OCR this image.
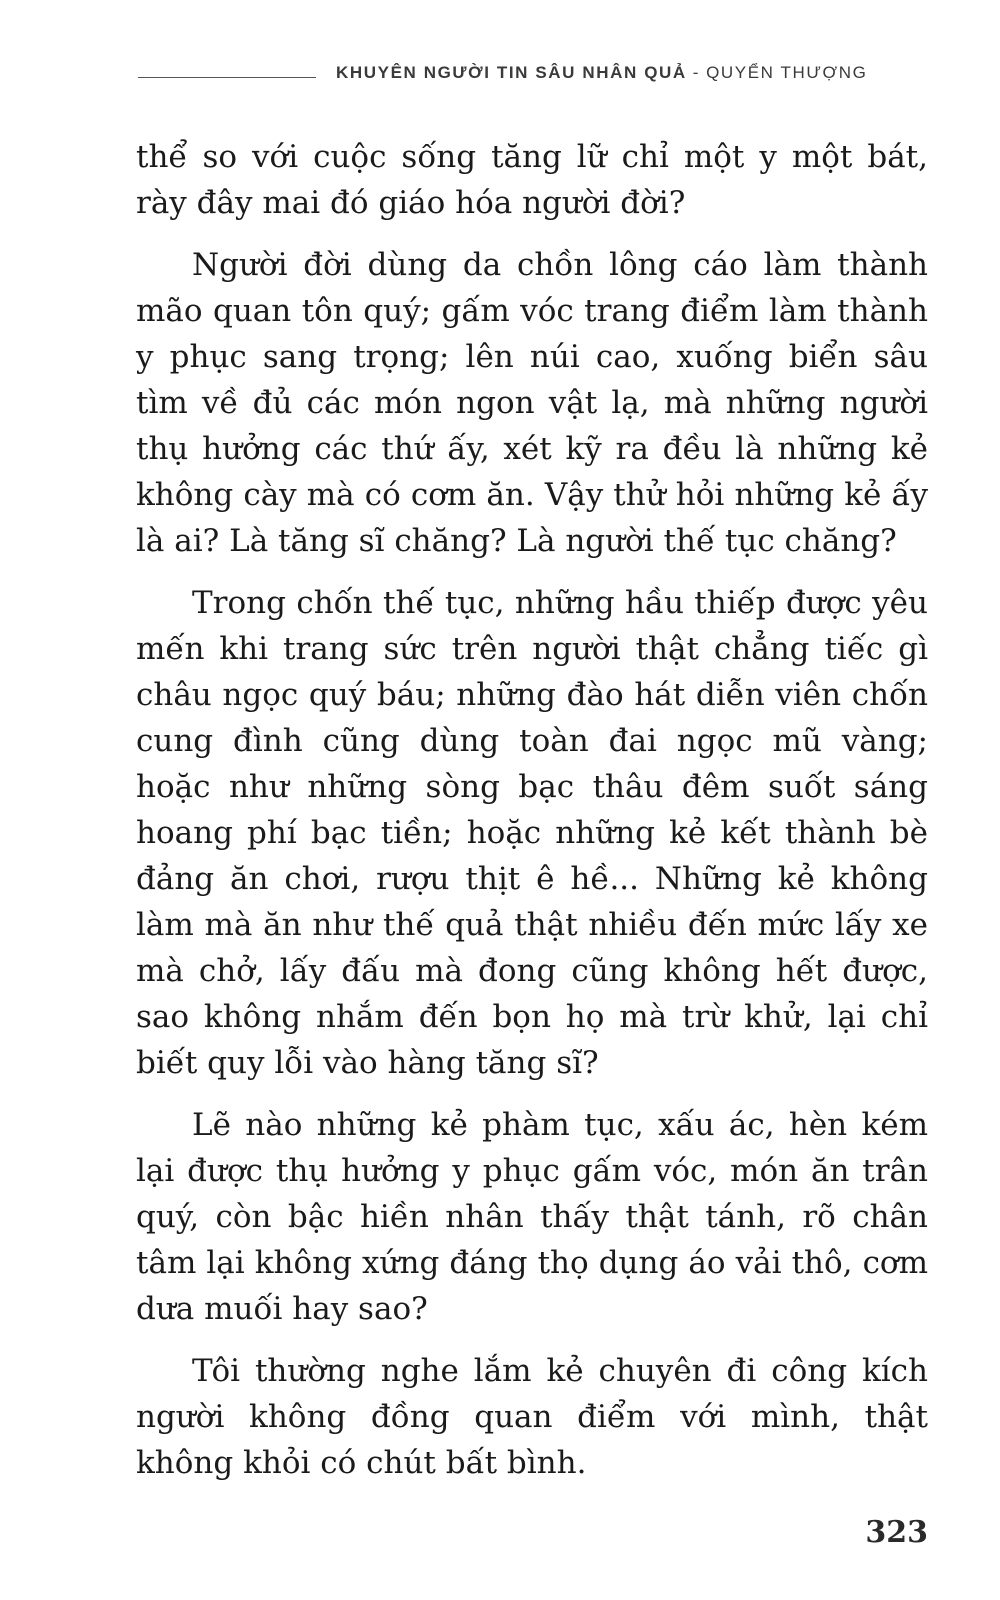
KHUYÊN NGƯỜI TIN SÂU NHÂN QUẢ - QUYỂN THƯỢNG

thể so với cuộc sống tăng lữ chỉ một y một bát, rày đây mai đó giáo hóa người đời?

Người đời dùng da chồn lông cáo làm thành mão quan tôn quý; gấm vóc trang điểm làm thành y phục sang trọng; lên núi cao, xuống biển sâu tìm về đủ các món ngon vật lạ, mà những người thụ hưởng các thứ ấy, xét kỹ ra đều là những kẻ không cày mà có cơm ăn. Vậy thử hỏi những kẻ ấy là ai? Là tăng sĩ chăng? Là người thế tục chăng?

Trong chốn thế tục, những hầu thiếp được yêu mến khi trang sức trên người thật chẳng tiếc gì châu ngọc quý báu; những đào hát diễn viên chốn cung đình cũng dùng toàn đai ngọc mũ vàng; hoặc như những sòng bạc thâu đêm suốt sáng hoang phí bạc tiền; hoặc những kẻ kết thành bè đảng ăn chơi, rượu thịt ê hề... Những kẻ không làm mà ăn như thế quả thật nhiều đến mức lấy xe mà chở, lấy đấu mà đong cũng không hết được, sao không nhắm đến bọn họ mà trừ khử, lại chỉ biết quy lỗi vào hàng tăng sĩ?

Lẽ nào những kẻ phàm tục, xấu ác, hèn kém lại được thụ hưởng y phục gấm vóc, món ăn trân quý, còn bậc hiền nhân thấy thật tánh, rõ chân tâm lại không xứng đáng thọ dụng áo vải thô, cơm dưa muối hay sao?

Tôi thường nghe lắm kẻ chuyên đi công kích người không đồng quan điểm với mình, thật không khỏi có chút bất bình.

323
